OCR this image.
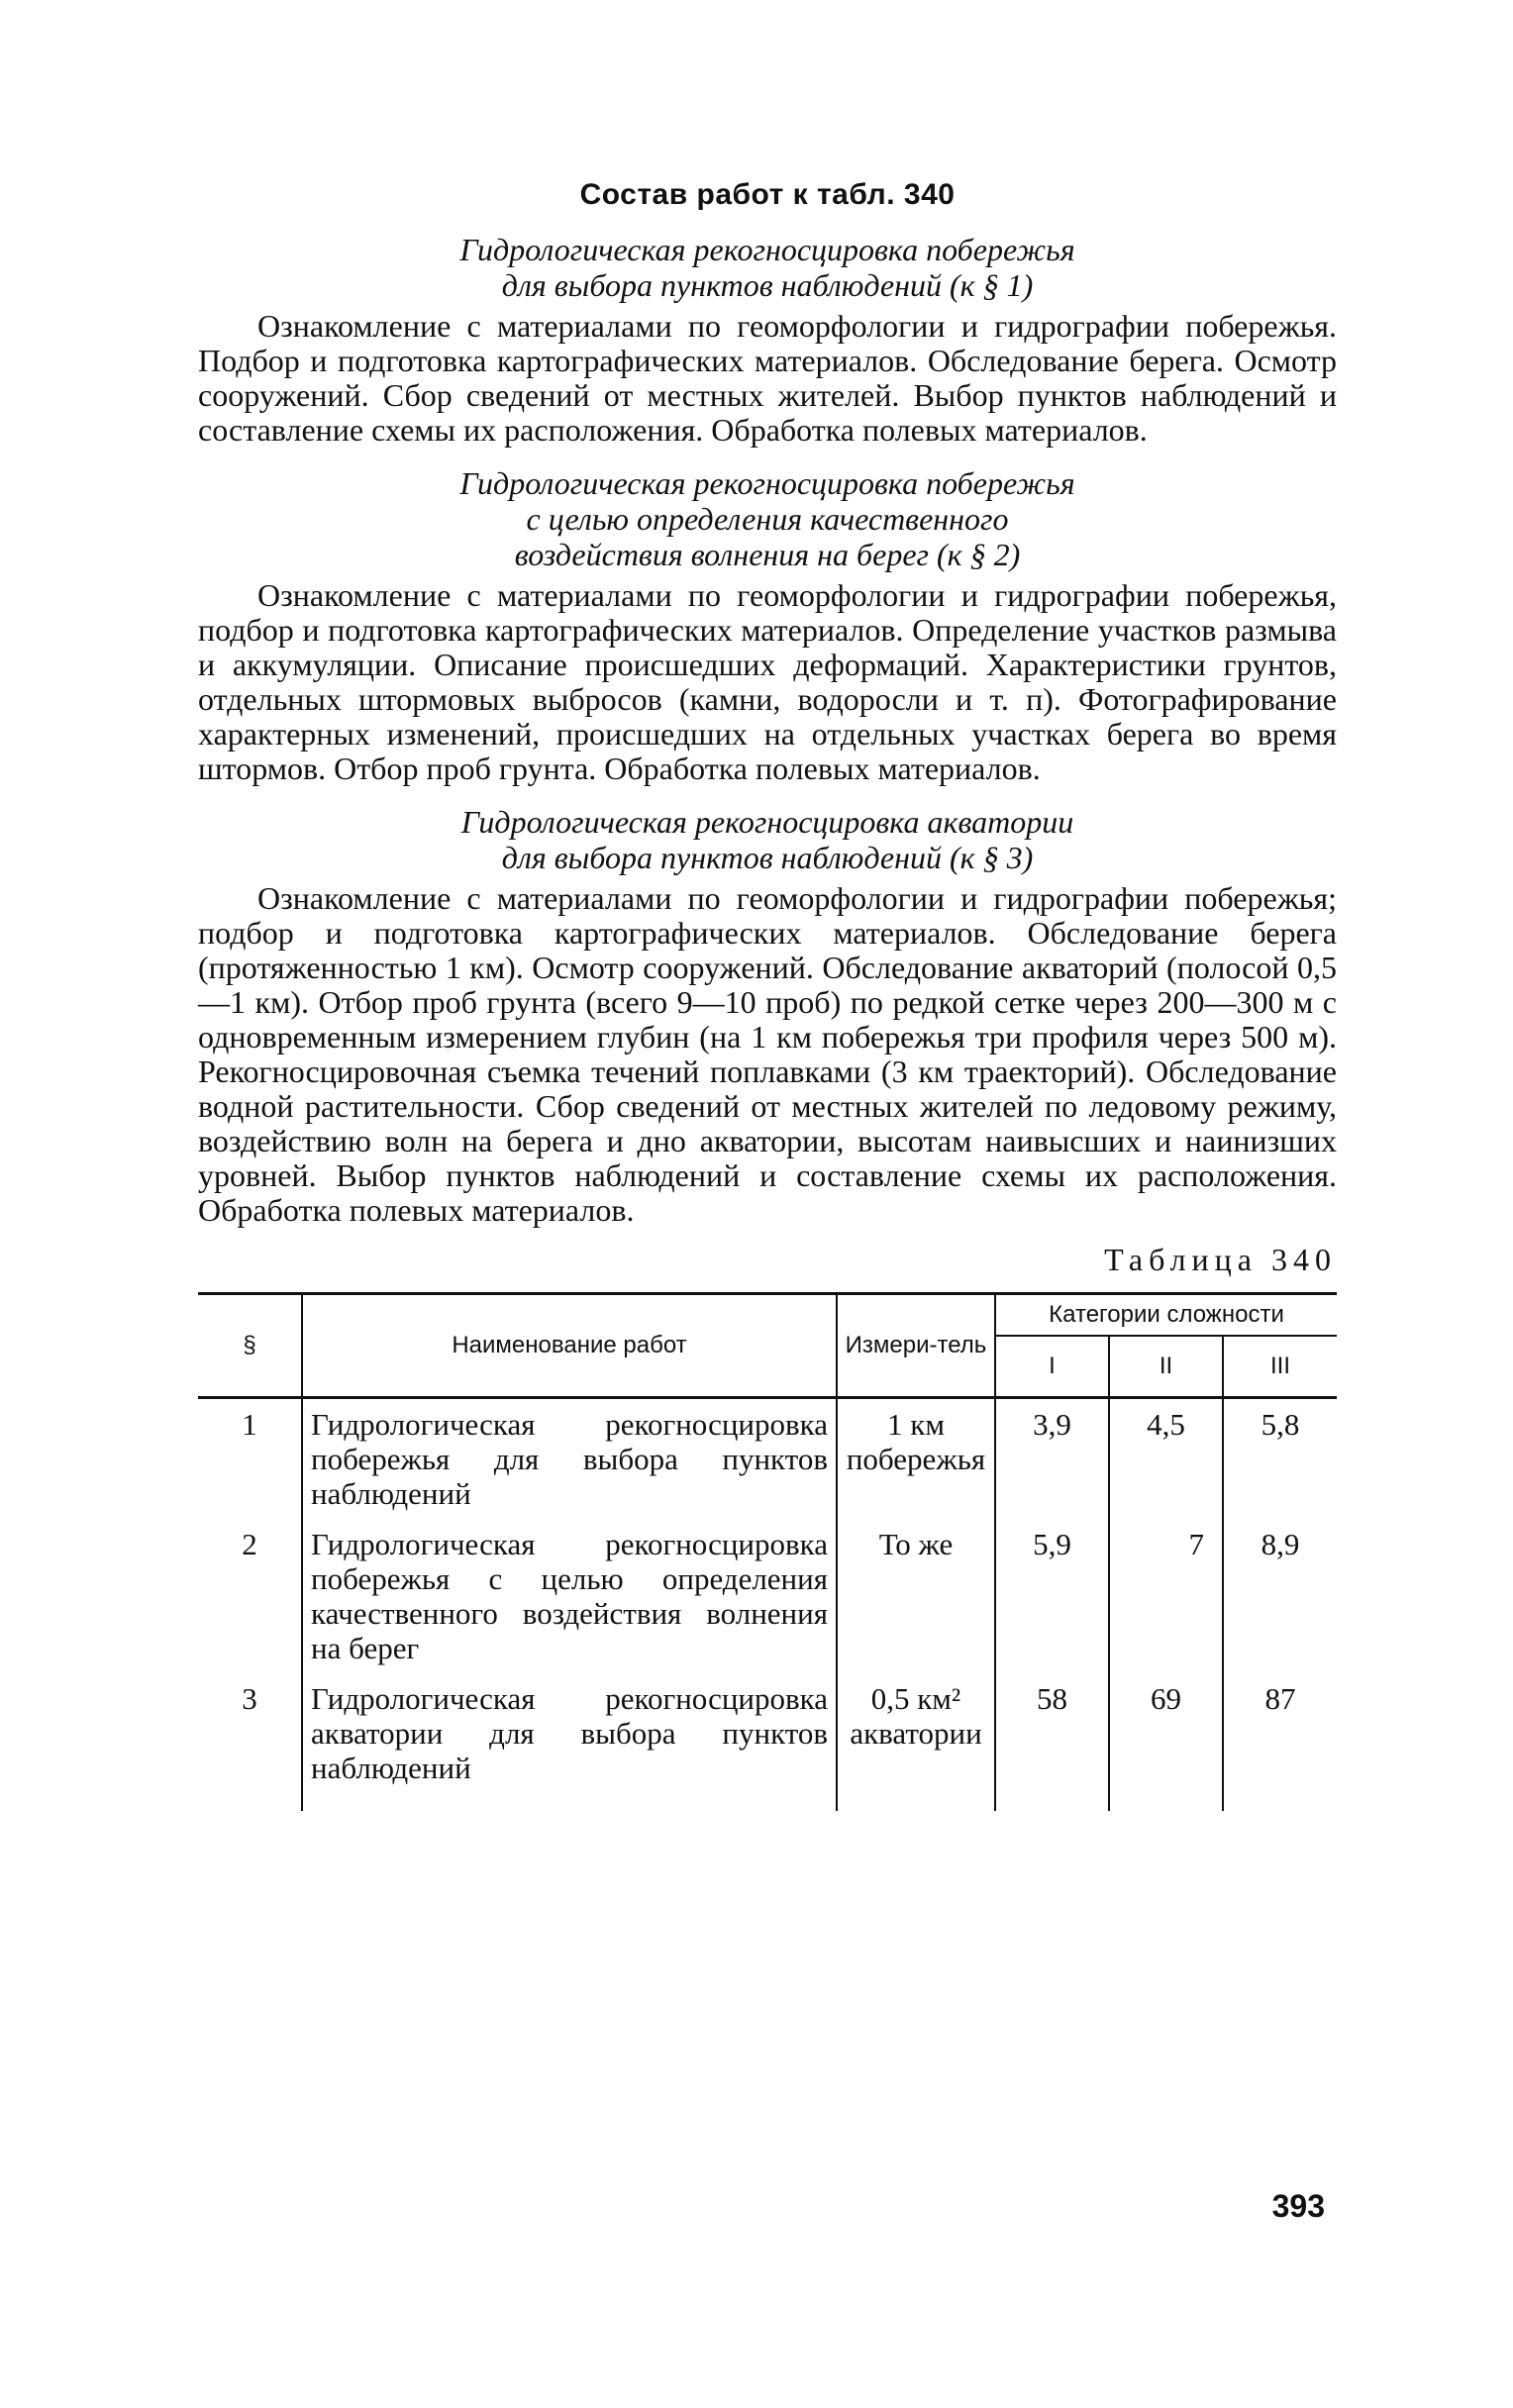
Состав работ к табл. 340
Гидрологическая рекогносцировка побережья
для выбора пунктов наблюдений (к § 1)

Ознакомление с материалами по геоморфологии и гидрографии побережья. Подбор и подготовка картографических материалов. Обследование берега. Осмотр сооружений. Сбор сведений от местных жителей. Выбор пунктов наблюдений и составление схемы их расположения. Обработка полевых материалов.

Гидрологическая рекогносцировка побережья
с целью определения качественного
воздействия волнения на берег (к § 2)

Ознакомление с материалами по геоморфологии и гидрографии побережья, подбор и подготовка картографических материалов. Определение участков размыва и аккумуляции. Описание происшедших деформаций. Характеристики грунтов, отдельных штормовых выбросов (камни, водоросли и т. п). Фотографирование характерных изменений, происшедших на отдельных участках берега во время штормов. Отбор проб грунта. Обработка полевых материалов.

Гидрологическая рекогносцировка акватории
для выбора пунктов наблюдений (к § 3)

Ознакомление с материалами по геоморфологии и гидрографии побережья; подбор и подготовка картографических материалов. Обследование берега (протяженностью 1 км). Осмотр сооружений. Обследование акваторий (полосой 0,5—1 км). Отбор проб грунта (всего 9—10 проб) по редкой сетке через 200—300 м с одновременным измерением глубин (на 1 км побережья три профиля через 500 м). Рекогносцировочная съемка течений поплавками (3 км траекторий). Обследование водной растительности. Сбор сведений от местных жителей по ледовому режиму, воздействию волн на берега и дно акватории, высотам наивысших и наинизших уровней. Выбор пунктов наблюдений и составление схемы их расположения. Обработка полевых материалов.

Таблица 340
§	Наименование работ	Измери-тель	Категории сложности		
			I	II	III
1	Гидрологическая рекогносцировка побережья для выбора пунктов наблюдений	1 км побережья	3,9	4,5	5,8
2	Гидрологическая рекогносцировка побережья с целью определения качественного воздействия волнения на берег	То же	5,9	7	8,9
3	Гидрологическая рекогносцировка акватории для выбора пунктов наблюдений	0,5 км² акватории	58	69	87
393
